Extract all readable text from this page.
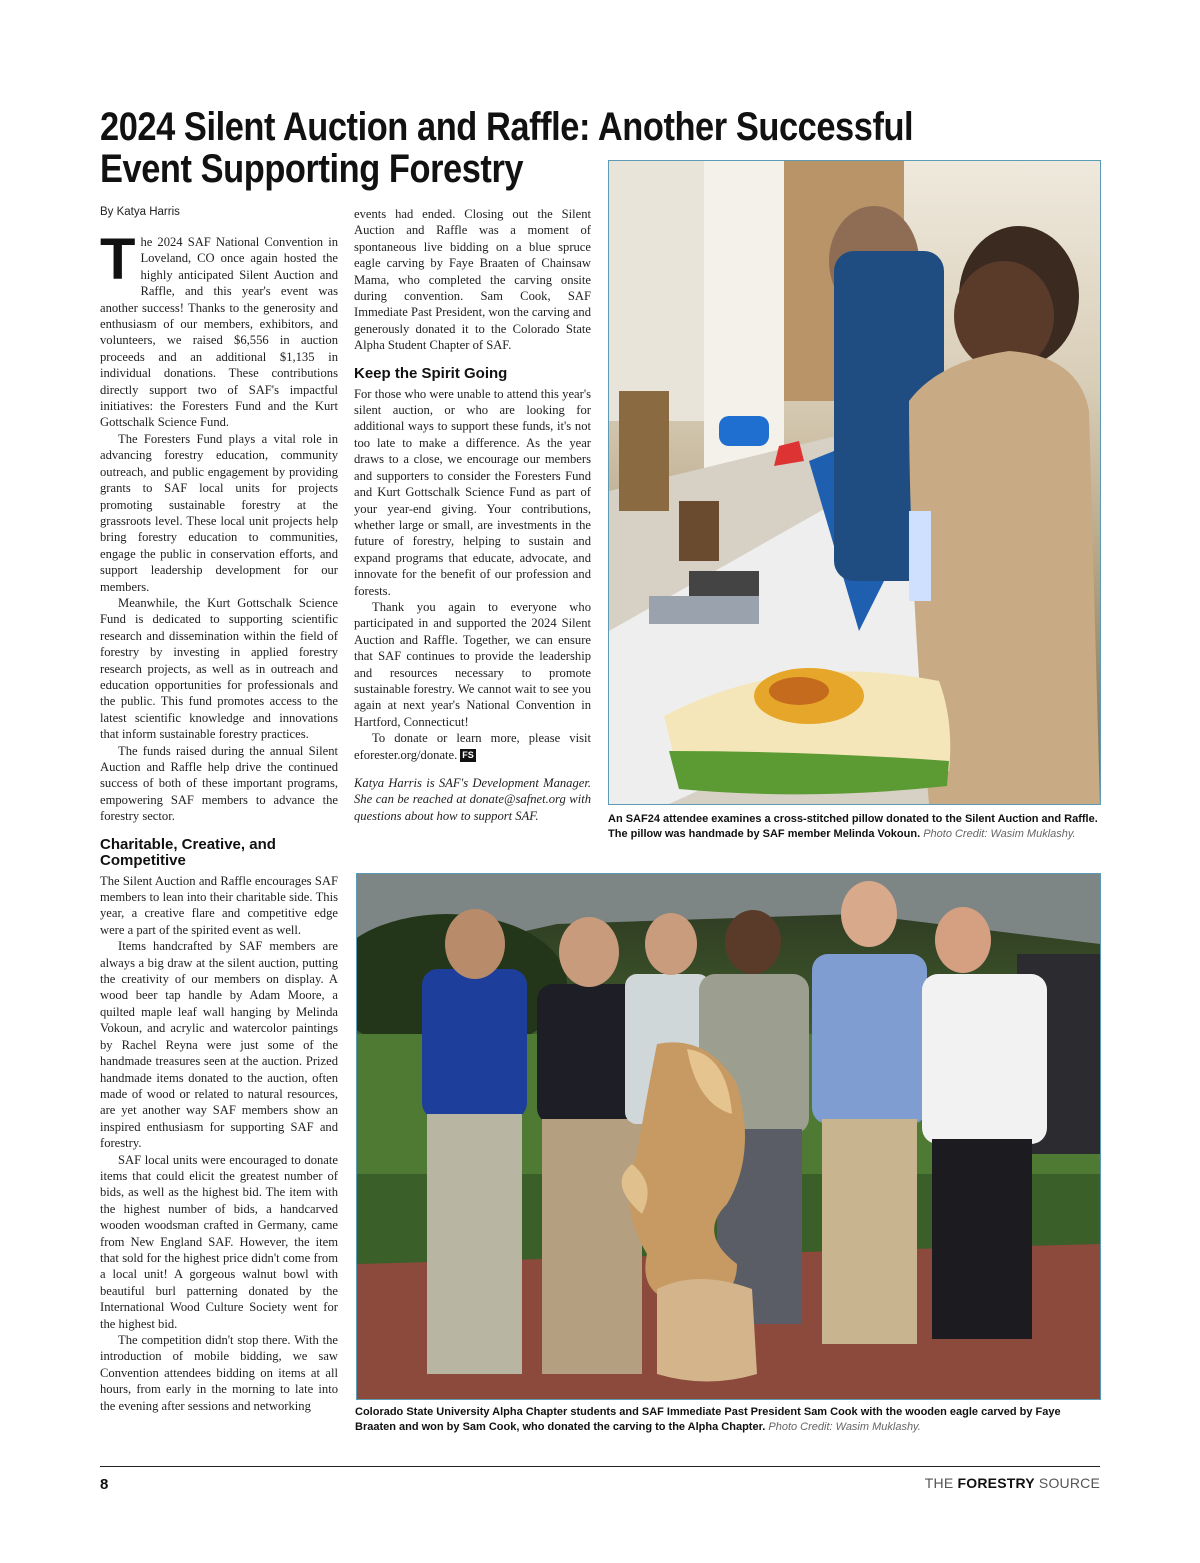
2024 Silent Auction and Raffle: Another Successful Event Supporting Forestry

By Katya Harris

The 2024 SAF National Convention in Loveland, CO once again hosted the highly anticipated Silent Auction and Raffle, and this year's event was another success! Thanks to the generosity and enthusiasm of our members, exhibitors, and volunteers, we raised $6,556 in auction proceeds and an additional $1,135 in individual donations. These contributions directly support two of SAF's impactful initiatives: the Foresters Fund and the Kurt Gottschalk Science Fund.

The Foresters Fund plays a vital role in advancing forestry education, community outreach, and public engagement by providing grants to SAF local units for projects promoting sustainable forestry at the grassroots level. These local unit projects help bring forestry education to communities, engage the public in conservation efforts, and support leadership development for our members.

Meanwhile, the Kurt Gottschalk Science Fund is dedicated to supporting scientific research and dissemination within the field of forestry by investing in applied forestry research projects, as well as in outreach and education opportunities for professionals and the public. This fund promotes access to the latest scientific knowledge and innovations that inform sustainable forestry practices.

The funds raised during the annual Silent Auction and Raffle help drive the continued success of both of these important programs, empowering SAF members to advance the forestry sector.

Charitable, Creative, and Competitive

The Silent Auction and Raffle encourages SAF members to lean into their charitable side. This year, a creative flare and competitive edge were a part of the spirited event as well.

Items handcrafted by SAF members are always a big draw at the silent auction, putting the creativity of our members on display. A wood beer tap handle by Adam Moore, a quilted maple leaf wall hanging by Melinda Vokoun, and acrylic and watercolor paintings by Rachel Reyna were just some of the handmade treasures seen at the auction. Prized handmade items donated to the auction, often made of wood or related to natural resources, are yet another way SAF members show an inspired enthusiasm for supporting SAF and forestry.

SAF local units were encouraged to donate items that could elicit the greatest number of bids, as well as the highest bid. The item with the highest number of bids, a handcarved wooden woodsman crafted in Germany, came from New England SAF. However, the item that sold for the highest price didn't come from a local unit! A gorgeous walnut bowl with beautiful burl patterning donated by the International Wood Culture Society went for the highest bid.

The competition didn't stop there. With the introduction of mobile bidding, we saw Convention attendees bidding on items at all hours, from early in the morning to late into the evening after sessions and networking

events had ended. Closing out the Silent Auction and Raffle was a moment of spontaneous live bidding on a blue spruce eagle carving by Faye Braaten of Chainsaw Mama, who completed the carving onsite during convention. Sam Cook, SAF Immediate Past President, won the carving and generously donated it to the Colorado State Alpha Student Chapter of SAF.

Keep the Spirit Going

For those who were unable to attend this year's silent auction, or who are looking for additional ways to support these funds, it's not too late to make a difference. As the year draws to a close, we encourage our members and supporters to consider the Foresters Fund and Kurt Gottschalk Science Fund as part of your year-end giving. Your contributions, whether large or small, are investments in the future of forestry, helping to sustain and expand programs that educate, advocate, and innovate for the benefit of our profession and forests.

Thank you again to everyone who participated in and supported the 2024 Silent Auction and Raffle. Together, we can ensure that SAF continues to provide the leadership and resources necessary to promote sustainable forestry. We cannot wait to see you again at next year's National Convention in Hartford, Connecticut!

To donate or learn more, please visit eforester.org/donate. FS

Katya Harris is SAF's Development Manager. She can be reached at donate@safnet.org with questions about how to support SAF.	An SAF24 attendee examines a cross-stitched pillow donated to the Silent Auction and Raffle. The pillow was handmade by SAF member Melinda Vokoun. Photo Credit: Wasim Muklashy.
Colorado State University Alpha Chapter students and SAF Immediate Past President Sam Cook with the wooden eagle carved by Faye Braaten and won by Sam Cook, who donated the carving to the Alpha Chapter. Photo Credit: Wasim Muklashy.

8	THE FORESTRY SOURCE
